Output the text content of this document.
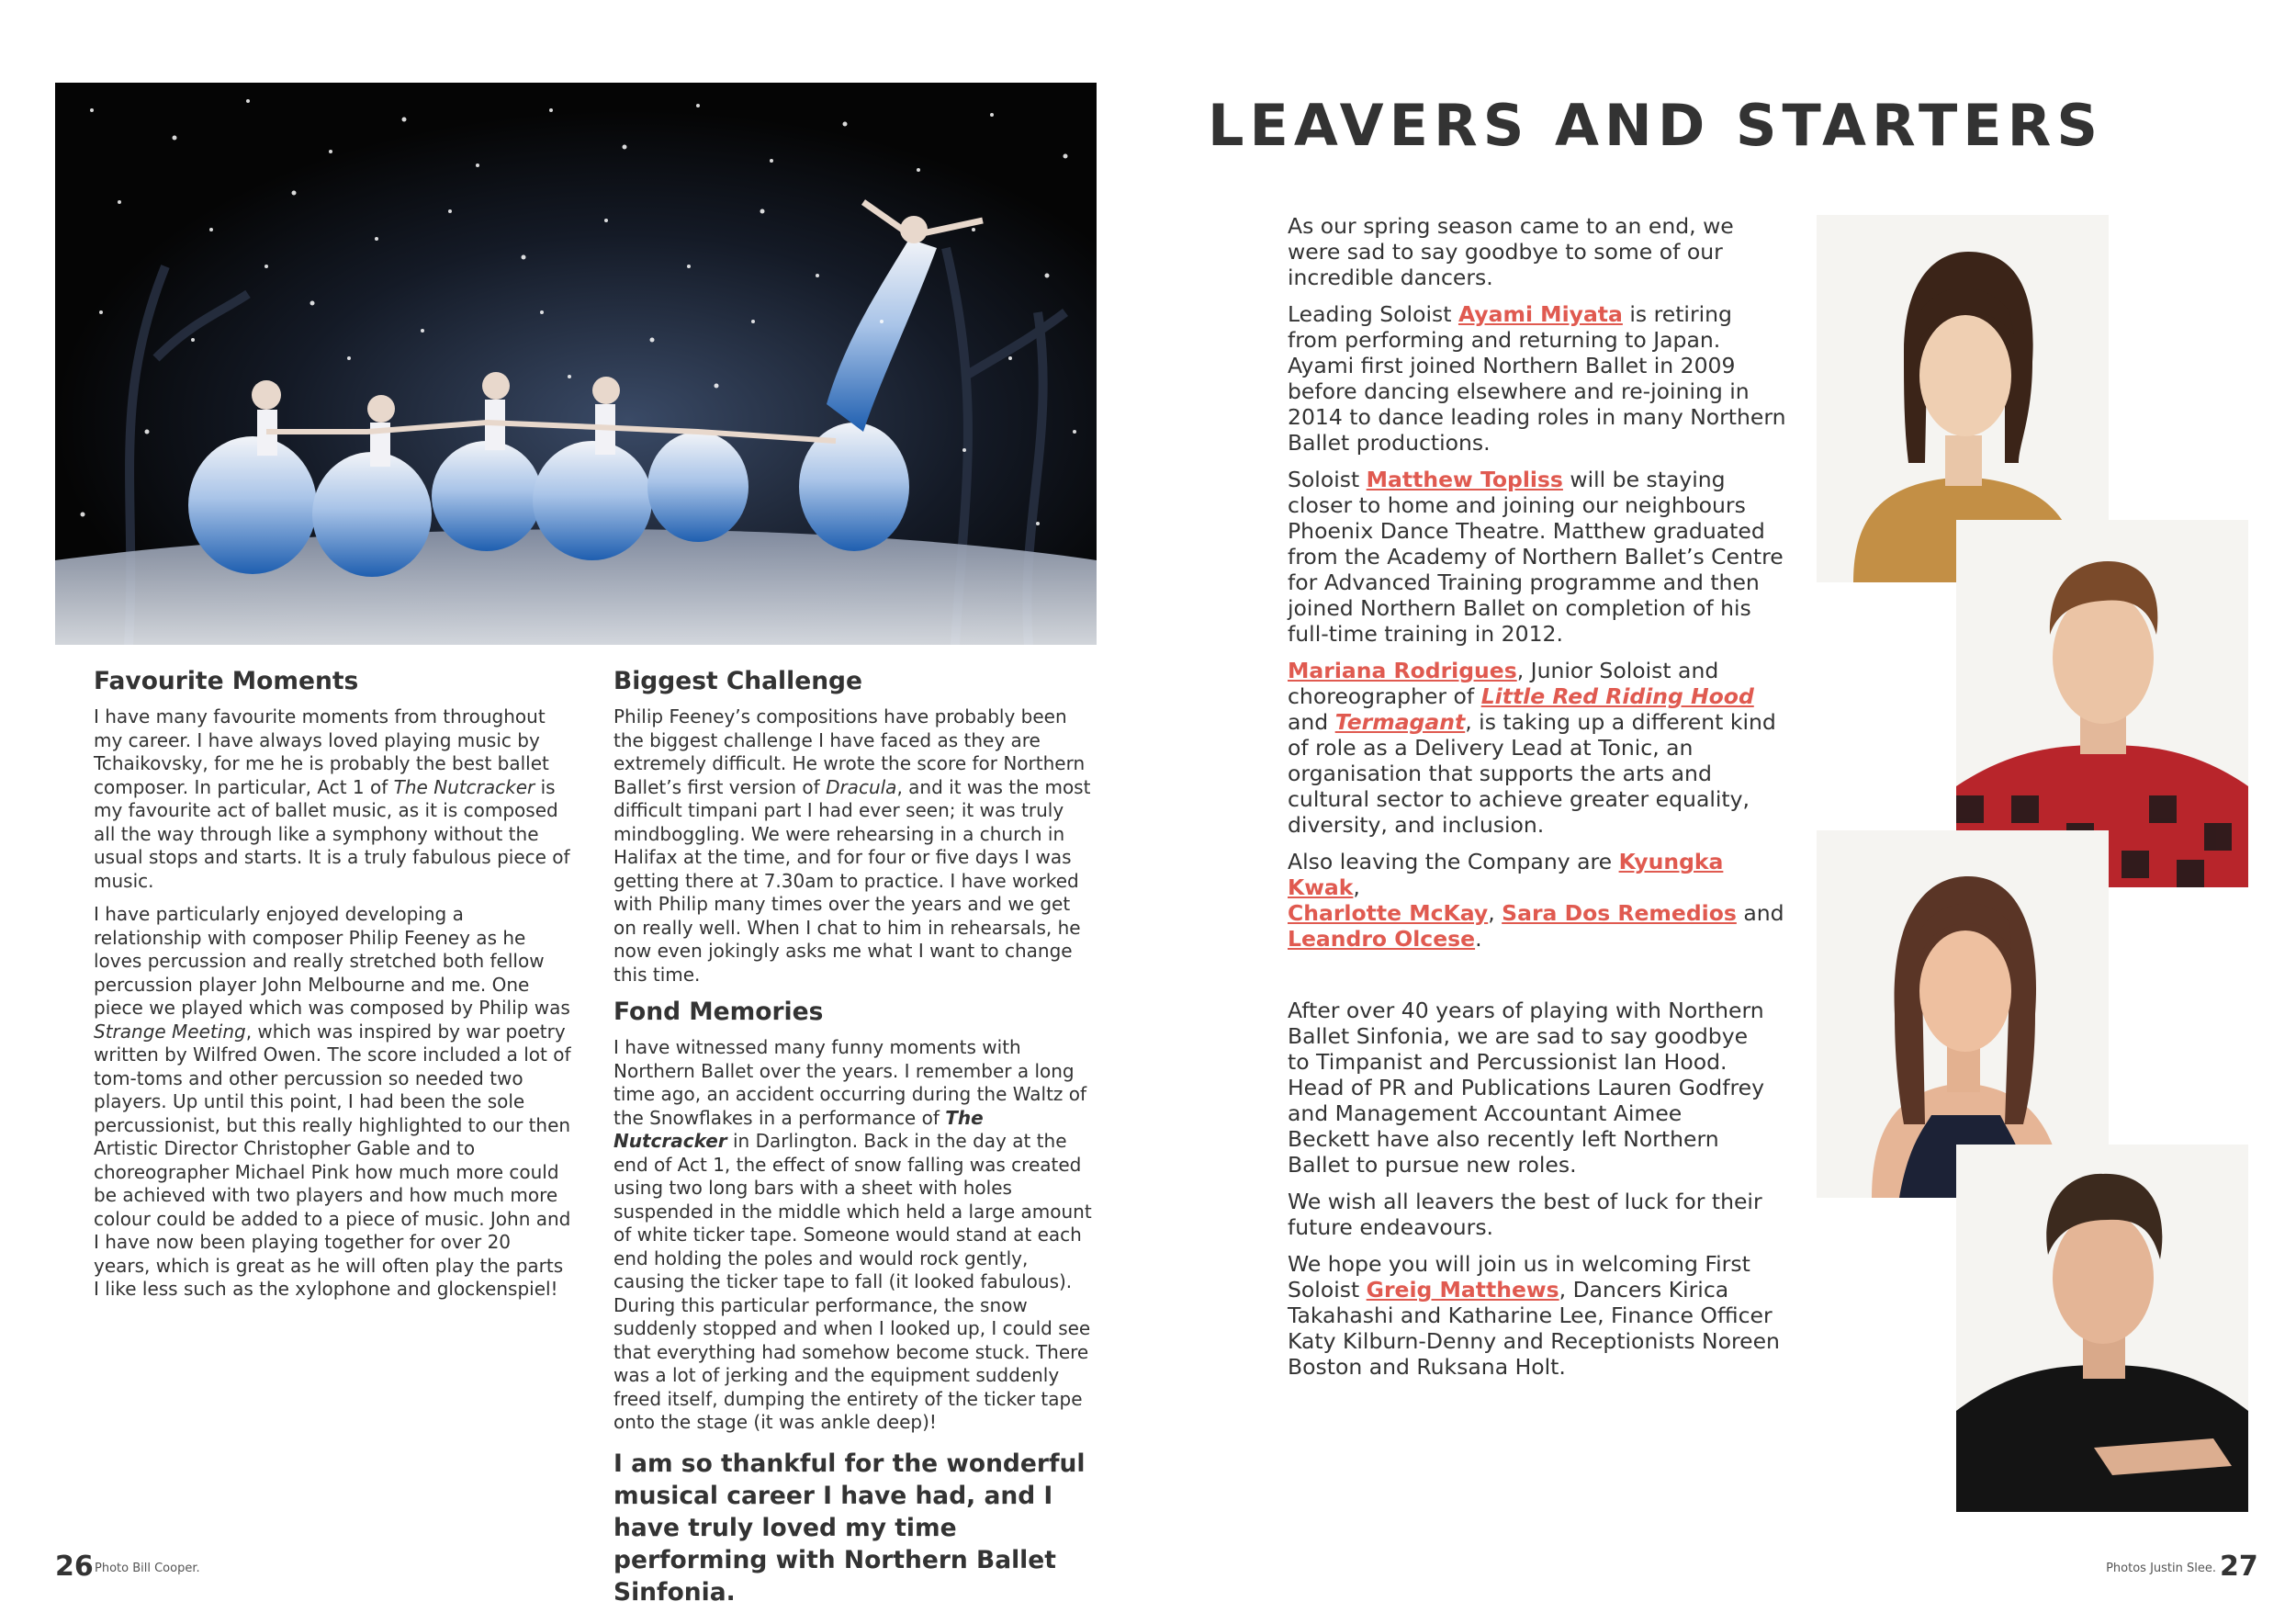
Favourite Moments

I have many favourite moments from throughout my career. I have always loved playing music by Tchaikovsky, for me he is probably the best ballet composer. In particular, Act 1 of The Nutcracker is my favourite act of ballet music, as it is composed all the way through like a symphony without the usual stops and starts. It is a truly fabulous piece of music.

I have particularly enjoyed developing a relationship with composer Philip Feeney as he loves percussion and really stretched both fellow percussion player John Melbourne and me. One piece we played which was composed by Philip was Strange Meeting, which was inspired by war poetry written by Wilfred Owen. The score included a lot of tom-toms and other percussion so needed two players. Up until this point, I had been the sole percussionist, but this really highlighted to our then Artistic Director Christopher Gable and to choreographer Michael Pink how much more could be achieved with two players and how much more colour could be added to a piece of music. John and I have now been playing together for over 20 years, which is great as he will often play the parts I like less such as the xylophone and glockenspiel!

Biggest Challenge

Philip Feeney’s compositions have probably been the biggest challenge I have faced as they are extremely difficult. He wrote the score for Northern Ballet’s first version of Dracula, and it was the most difficult timpani part I had ever seen; it was truly mindboggling. We were rehearsing in a church in Halifax at the time, and for four or five days I was getting there at 7.30am to practice. I have worked with Philip many times over the years and we get on really well. When I chat to him in rehearsals, he now even jokingly asks me what I want to change this time.

Fond Memories

I have witnessed many funny moments with Northern Ballet over the years. I remember a long time ago, an accident occurring during the Waltz of the Snowflakes in a performance of The Nutcracker in Darlington. Back in the day at the end of Act 1, the effect of snow falling was created using two long bars with a sheet with holes suspended in the middle which held a large amount of white ticker tape. Someone would stand at each end holding the poles and would rock gently, causing the ticker tape to fall (it looked fabulous). During this particular performance, the snow suddenly stopped and when I looked up, I could see that everything had somehow become stuck. There was a lot of jerking and the equipment suddenly freed itself, dumping the entirety of the ticker tape onto the stage (it was ankle deep)!

I am so thankful for the wonderful musical career I have had, and I have truly loved my time performing with Northern Ballet Sinfonia.
26 Photo Bill Cooper.
LEAVERS AND STARTERS

As our spring season came to an end, we were sad to say goodbye to some of our incredible dancers.

Leading Soloist Ayami Miyata is retiring from performing and returning to Japan. Ayami first joined Northern Ballet in 2009 before dancing elsewhere and re-joining in 2014 to dance leading roles in many Northern Ballet productions.

Soloist Matthew Topliss will be staying closer to home and joining our neighbours Phoenix Dance Theatre. Matthew graduated from the Academy of Northern Ballet’s Centre for Advanced Training programme and then joined Northern Ballet on completion of his full-time training in 2012.

Mariana Rodrigues, Junior Soloist and choreographer of Little Red Riding Hood and Termagant, is taking up a different kind of role as a Delivery Lead at Tonic, an organisation that supports the arts and cultural sector to achieve greater equality, diversity, and inclusion.

Also leaving the Company are Kyungka Kwak,
Charlotte McKay, Sara Dos Remedios and
Leandro Olcese.

After over 40 years of playing with Northern Ballet Sinfonia, we are sad to say goodbye to Timpanist and Percussionist Ian Hood. Head of PR and Publications Lauren Godfrey and Management Accountant Aimee Beckett have also recently left Northern Ballet to pursue new roles.

We wish all leavers the best of luck for their future endeavours.

We hope you will join us in welcoming First Soloist Greig Matthews, Dancers Kirica Takahashi and Katharine Lee, Finance Officer Katy Kilburn-Denny and Receptionists Noreen Boston and Ruksana Holt.

Photos Justin Slee. 27
